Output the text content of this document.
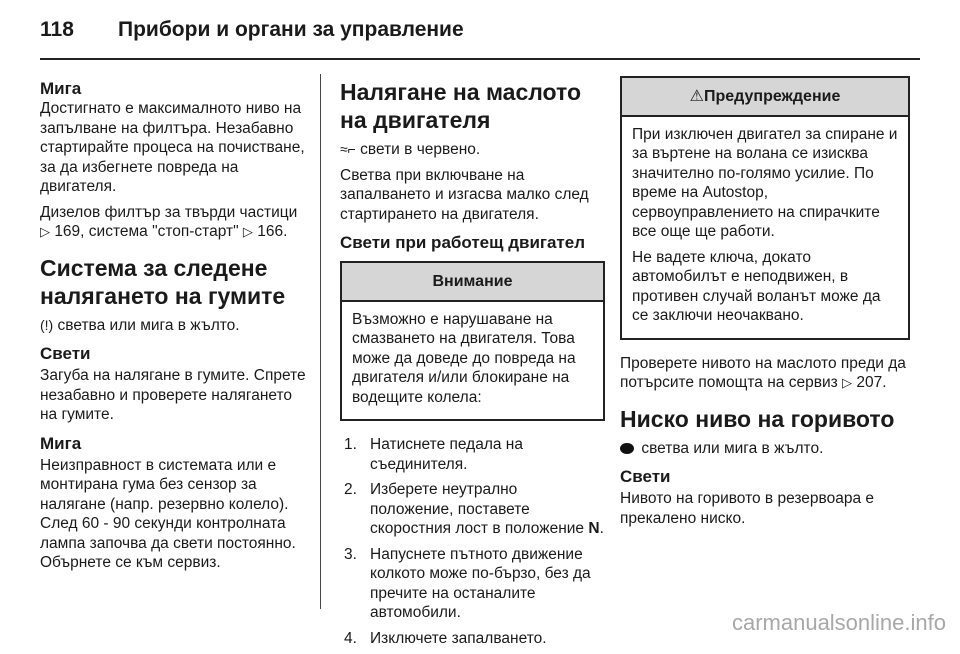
118 Прибори и органи за управление
Мига

Достигнато е максималното ниво на запълване на филтъра. Незабавно стартирайте процеса на почистване, за да избегнете повреда на двигателя.

Дизелов филтър за твърди частици ▷ 169, система "стоп-старт" ▷ 166.

Система за следене налягането на гумите

(!) светва или мига в жълто.

Свети

Загуба на налягане в гумите. Спрете незабавно и проверете налягането на гумите.

Мига

Неизправност в системата или е монтирана гума без сензор за налягане (напр. резервно колело). След 60 - 90 секунди контролната лампа започва да свети постоянно. Обърнете се към сервиз.

Налягане на маслото на двигателя

≈⌐ свети в червено.

Светва при включване на запалването и изгасва малко след стартирането на двигателя.

Свети при работещ двигател
Внимание

Възможно е нарушаване на смазването на двигателя. Това може да доведе до повреда на двигателя и/или блокиране на водещите колела:

1. Натиснете педала на съединителя.
2. Изберете неутрално положение, поставете скоростния лост в положение N.
3. Напуснете пътното движение колкото може по-бързо, без да пречите на останалите автомобили.
4. Изключете запалването.
⚠Предупреждение

При изключен двигател за спиране и за въртене на волана се изисква значително по-голямо усилие. По време на Autostop, сервоуправлението на спирачките все още ще работи.

Не вадете ключа, докато автомобилът е неподвижен, в противен случай воланът може да се заключи неочаквано.

Проверете нивото на маслото преди да потърсите помощта на сервиз ▷ 207.

Ниско ниво на горивото

светва или мига в жълто.

Свети

Нивото на горивото в резервоара е прекалено ниско.

carmanualsonline.info
